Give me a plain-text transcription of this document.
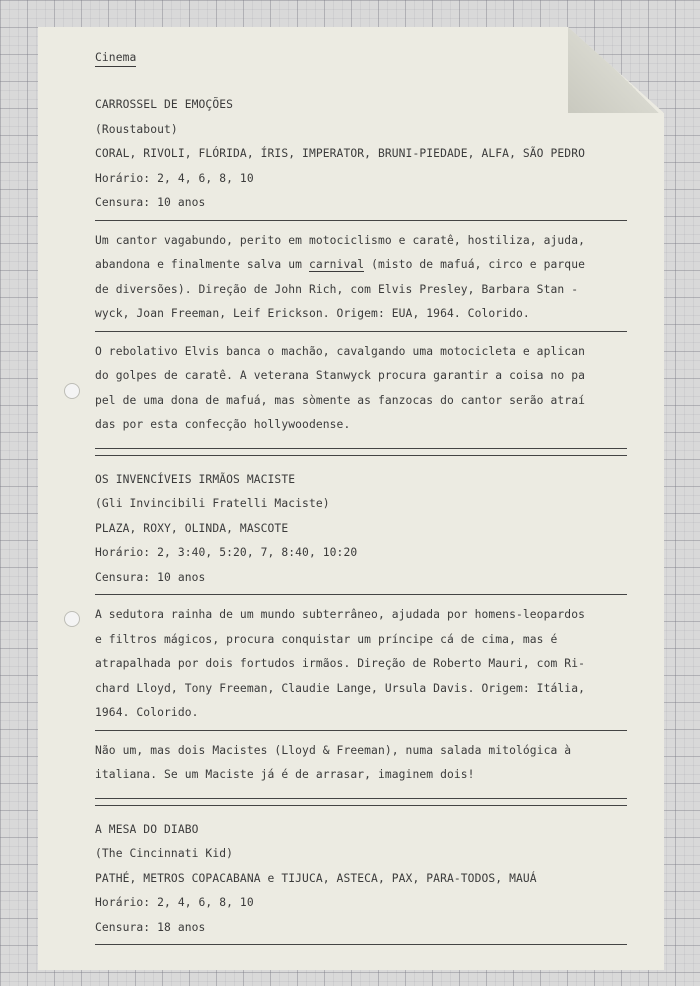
Cinema
CARROSSEL DE EMOÇÕES
(Roustabout)
CORAL, RIVOLI, FLÓRIDA, ÍRIS, IMPERATOR, BRUNI-PIEDADE, ALFA, SÃO PEDRO
Horário: 2, 4, 6, 8, 10
Censura: 10 anos
Um cantor vagabundo, perito em motociclismo e caratê, hostiliza, ajuda,
abandona e finalmente salva um carnival (misto de mafuá, circo e parque
de diversões). Direção de John Rich, com Elvis Presley, Barbara Stan -
wyck, Joan Freeman, Leif Erickson. Origem: EUA, 1964. Colorido.
O rebolativo Elvis banca o machão, cavalgando uma motocicleta e aplican
do golpes de caratê. A veterana Stanwyck procura garantir a coisa no pa
pel de uma dona de mafuá, mas sòmente as fanzocas do cantor serão atraí
das por esta confecção hollywoodense.
OS INVENCÍVEIS IRMÃOS MACISTE
(Gli Invincibili Fratelli Maciste)
PLAZA, ROXY, OLINDA, MASCOTE
Horário: 2, 3:40, 5:20, 7, 8:40, 10:20
Censura: 10 anos
A sedutora rainha de um mundo subterrâneo, ajudada por homens-leopardos
e filtros mágicos, procura conquistar um príncipe cá de cima, mas é
atrapalhada por dois fortudos irmãos. Direção de Roberto Mauri, com Ri-
chard Lloyd, Tony Freeman, Claudie Lange, Ursula Davis. Origem: Itália,
1964. Colorido.
Não um, mas dois Macistes (Lloyd & Freeman), numa salada mitológica à
italiana. Se um Maciste já é de arrasar, imaginem dois!
A MESA DO DIABO
(The Cincinnati Kid)
PATHÉ, METROS COPACABANA e TIJUCA, ASTECA, PAX, PARA-TODOS, MAUÁ
Horário: 2, 4, 6, 8, 10
Censura: 18 anos
